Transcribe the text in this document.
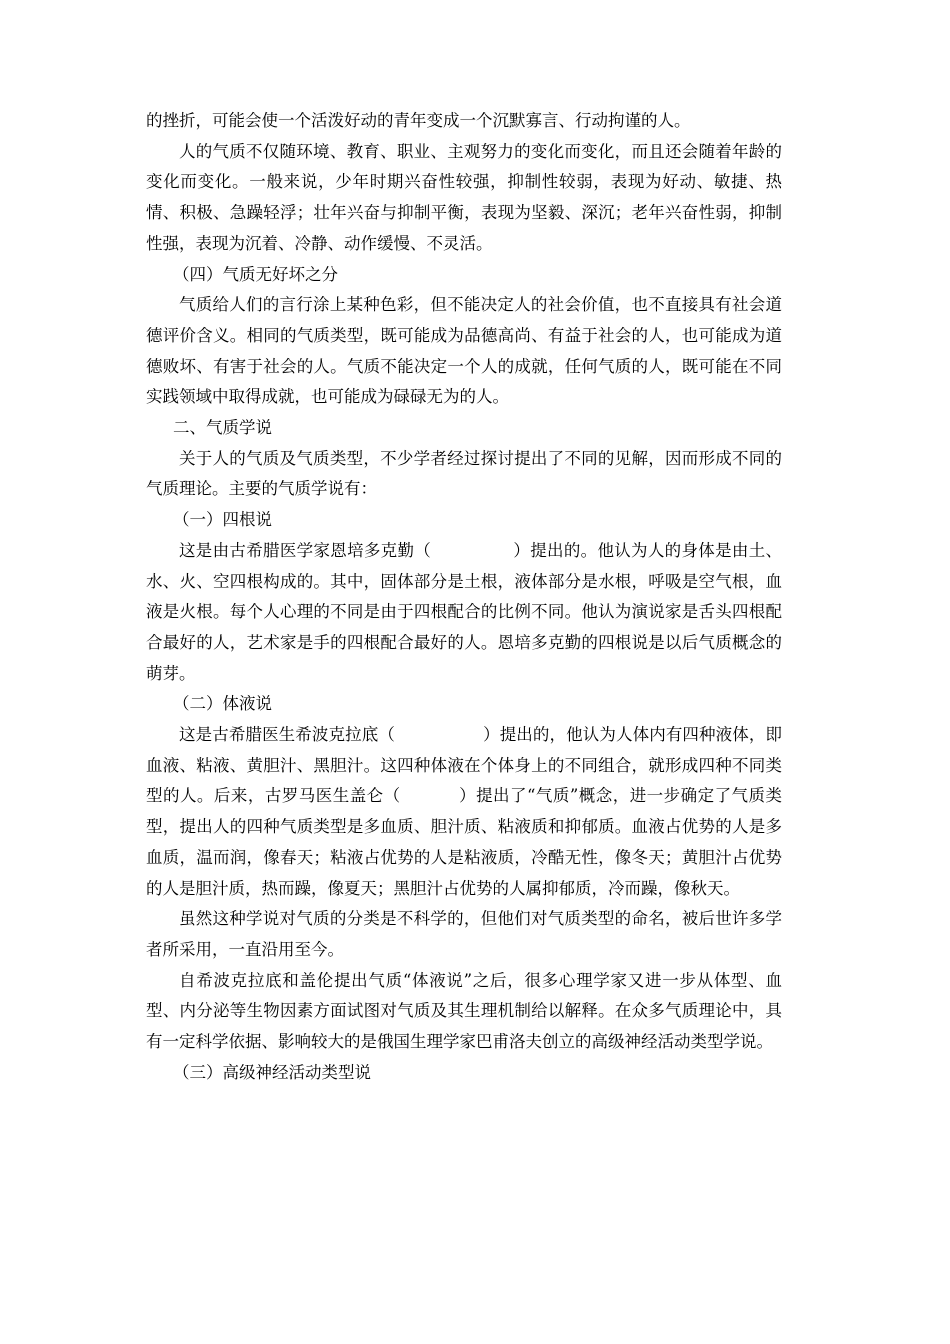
的挫折，可能会使一个活泼好动的青年变成一个沉默寡言、行动拘谨的人。

人的气质不仅随环境、教育、职业、主观努力的变化而变化，而且还会随着年龄的变化而变化。一般来说，少年时期兴奋性较强，抑制性较弱，表现为好动、敏捷、热情、积极、急躁轻浮；壮年兴奋与抑制平衡，表现为坚毅、深沉；老年兴奋性弱，抑制性强，表现为沉着、冷静、动作缓慢、不灵活。

（四）气质无好坏之分

气质给人们的言行涂上某种色彩，但不能决定人的社会价值，也不直接具有社会道德评价含义。相同的气质类型，既可能成为品德高尚、有益于社会的人，也可能成为道德败坏、有害于社会的人。气质不能决定一个人的成就，任何气质的人，既可能在不同实践领域中取得成就，也可能成为碌碌无为的人。

二、气质学说

关于人的气质及气质类型，不少学者经过探讨提出了不同的见解，因而形成不同的气质理论。主要的气质学说有：

（一）四根说

这是由古希腊医学家恩培多克勤（	）提出的。他认为人的身体是由土、水、火、空四根构成的。其中，固体部分是土根，液体部分是水根，呼吸是空气根，血液是火根。每个人心理的不同是由于四根配合的比例不同。他认为演说家是舌头四根配合最好的人，艺术家是手的四根配合最好的人。恩培多克勤的四根说是以后气质概念的萌芽。

（二）体液说

这是古希腊医生希波克拉底（	）提出的，他认为人体内有四种液体，即血液、粘液、黄胆汁、黑胆汁。这四种体液在个体身上的不同组合，就形成四种不同类型的人。后来，古罗马医生盖仑（	）提出了“气质”概念，进一步确定了气质类型，提出人的四种气质类型是多血质、胆汁质、粘液质和抑郁质。血液占优势的人是多血质，温而润，像春天；粘液占优势的人是粘液质，冷酷无性，像冬天；黄胆汁占优势的人是胆汁质，热而躁，像夏天；黑胆汁占优势的人属抑郁质，冷而躁，像秋天。

虽然这种学说对气质的分类是不科学的，但他们对气质类型的命名，被后世许多学者所采用，一直沿用至今。

自希波克拉底和盖伦提出气质“体液说”之后，很多心理学家又进一步从体型、血型、内分泌等生物因素方面试图对气质及其生理机制给以解释。在众多气质理论中，具有一定科学依据、影响较大的是俄国生理学家巴甫洛夫创立的高级神经活动类型学说。

（三）高级神经活动类型说
